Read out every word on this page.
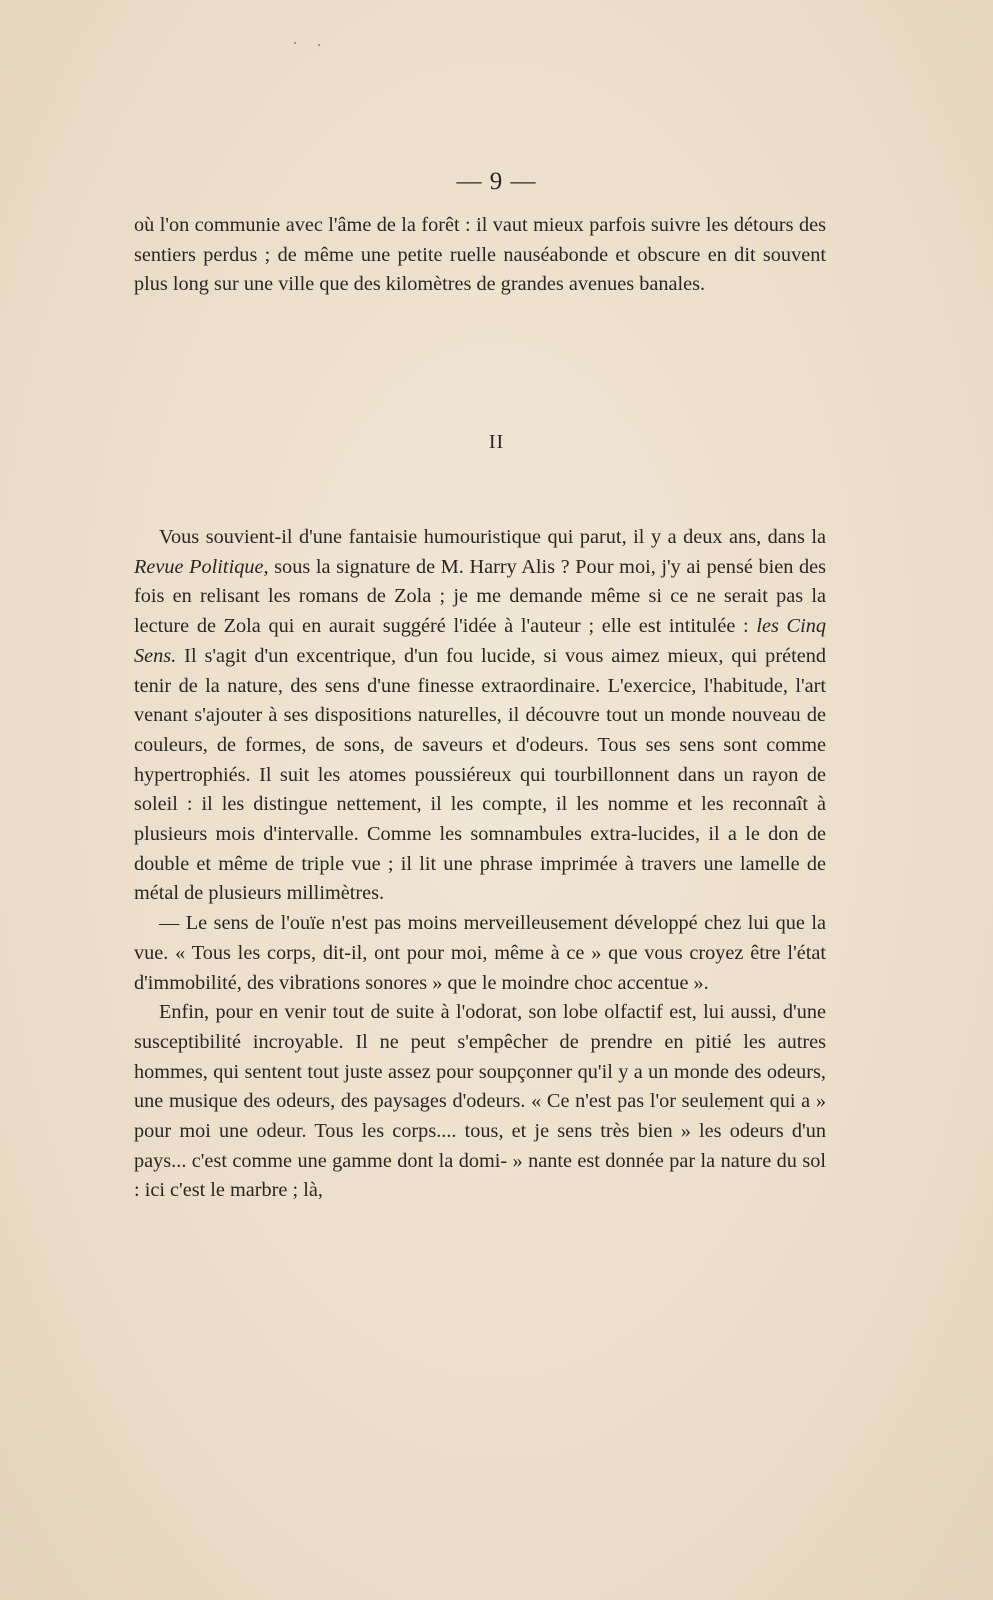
— 9 —

où l'on communie avec l'âme de la forêt : il vaut mieux parfois suivre les détours des sentiers perdus ; de même une petite ruelle nauséabonde et obscure en dit souvent plus long sur une ville que des kilomètres de grandes avenues banales.

II

Vous souvient-il d'une fantaisie humouristique qui parut, il y a deux ans, dans la Revue Politique, sous la signature de M. Harry Alis ? Pour moi, j'y ai pensé bien des fois en relisant les romans de Zola ; je me demande même si ce ne serait pas la lecture de Zola qui en aurait suggéré l'idée à l'auteur ; elle est intitulée : les Cinq Sens. Il s'agit d'un excentrique, d'un fou lucide, si vous aimez mieux, qui prétend tenir de la nature, des sens d'une finesse extraordinaire. L'exercice, l'habitude, l'art venant s'ajouter à ses dispositions naturelles, il découvre tout un monde nouveau de couleurs, de formes, de sons, de saveurs et d'odeurs. Tous ses sens sont comme hypertrophiés. Il suit les atomes poussiéreux qui tourbillonnent dans un rayon de soleil : il les distingue nettement, il les compte, il les nomme et les reconnaît à plusieurs mois d'intervalle. Comme les somnambules extra-lucides, il a le don de double et même de triple vue ; il lit une phrase imprimée à travers une lamelle de métal de plusieurs millimètres.

— Le sens de l'ouïe n'est pas moins merveilleusement développé chez lui que la vue. « Tous les corps, dit-il, ont pour moi, même à ce » que vous croyez être l'état d'immobilité, des vibrations sonores » que le moindre choc accentue ».

Enfin, pour en venir tout de suite à l'odorat, son lobe olfactif est, lui aussi, d'une susceptibilité incroyable. Il ne peut s'empêcher de prendre en pitié les autres hommes, qui sentent tout juste assez pour soupçonner qu'il y a un monde des odeurs, une musique des odeurs, des paysages d'odeurs. « Ce n'est pas l'or seulement qui a » pour moi une odeur. Tous les corps.... tous, et je sens très bien » les odeurs d'un pays... c'est comme une gamme dont la domi- » nante est donnée par la nature du sol : ici c'est le marbre ; là,
